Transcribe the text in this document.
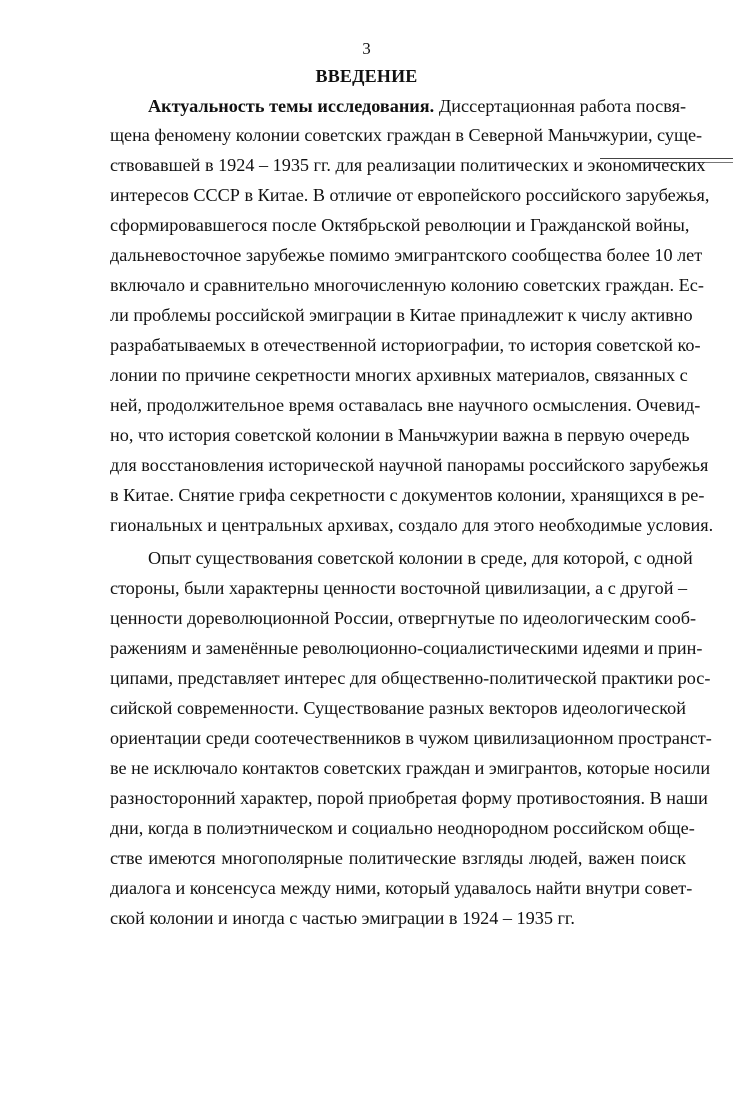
3
ВВЕДЕНИЕ
Актуальность темы исследования. Диссертационная работа посвя-
щена феномену колонии советских граждан в Северной Маньчжурии, суще-
ствовавшей в 1924 – 1935 гг. для реализации политических и экономических
интересов СССР в Китае. В отличие от европейского российского зарубежья,
сформировавшегося после Октябрьской революции и Гражданской войны,
дальневосточное зарубежье помимо эмигрантского сообщества более 10 лет
включало и сравнительно многочисленную колонию советских граждан. Ес-
ли проблемы российской эмиграции в Китае принадлежит к числу активно
разрабатываемых в отечественной историографии, то история советской ко-
лонии по причине секретности многих архивных материалов, связанных с
ней, продолжительное время оставалась вне научного осмысления. Очевид-
но, что история советской колонии в Маньчжурии важна в первую очередь
для восстановления исторической научной панорамы российского зарубежья
в Китае. Снятие грифа секретности с документов колонии, хранящихся в ре-
гиональных и центральных архивах, создало для этого необходимые условия.
Опыт существования советской колонии в среде, для которой, с одной
стороны, были характерны ценности восточной цивилизации, а с другой –
ценности дореволюционной России, отвергнутые по идеологическим сооб-
ражениям и заменённые революционно-социалистическими идеями и прин-
ципами, представляет интерес для общественно-политической практики рос-
сийской современности. Существование разных векторов идеологической
ориентации среди соотечественников в чужом цивилизационном пространст-
ве не исключало контактов советских граждан и эмигрантов, которые носили
разносторонний характер, порой приобретая форму противостояния. В наши
дни, когда в полиэтническом и социально неоднородном российском обще-
стве имеются многополярные политические взгляды людей, важен поиск
диалога и консенсуса между ними, который удавалось найти внутри совет-
ской колонии и иногда с частью эмиграции в 1924 – 1935 гг.
